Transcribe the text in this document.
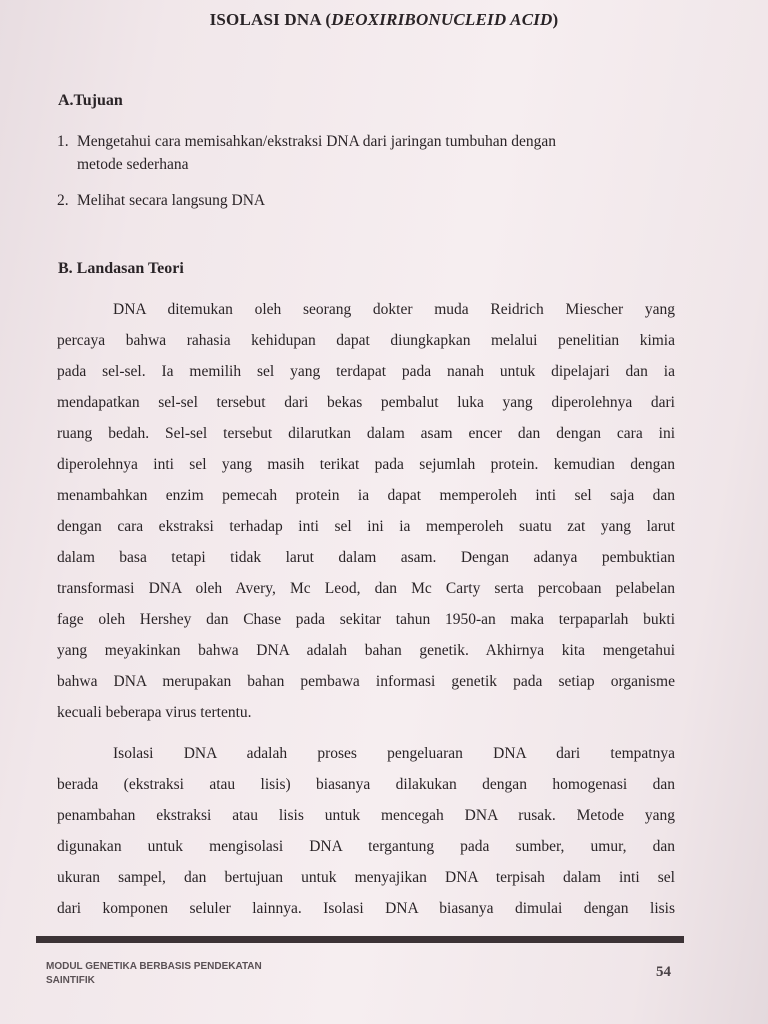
ISOLASI DNA (DEOXIRIBONUCLEID ACID)
A.Tujuan
1. Mengetahui cara memisahkan/ekstraksi DNA dari jaringan tumbuhan dengan
metode sederhana
2. Melihat secara langsung DNA
B. Landasan Teori
DNA ditemukan oleh seorang dokter muda Reidrich Miescher yang
percaya bahwa rahasia kehidupan dapat diungkapkan melalui penelitian kimia
pada sel-sel. Ia memilih sel yang terdapat pada nanah untuk dipelajari dan ia
mendapatkan sel-sel tersebut dari bekas pembalut luka yang diperolehnya dari
ruang bedah. Sel-sel tersebut dilarutkan dalam asam encer dan dengan cara ini
diperolehnya inti sel yang masih terikat pada sejumlah protein. kemudian dengan
menambahkan enzim pemecah protein ia dapat memperoleh inti sel saja dan
dengan cara ekstraksi terhadap inti sel ini ia memperoleh suatu zat yang larut
dalam basa tetapi tidak larut dalam asam. Dengan adanya pembuktian
transformasi DNA oleh Avery, Mc Leod, dan Mc Carty serta percobaan pelabelan
fage oleh Hershey dan Chase pada sekitar tahun 1950-an maka terpaparlah bukti
yang meyakinkan bahwa DNA adalah bahan genetik. Akhirnya kita mengetahui
bahwa DNA merupakan bahan pembawa informasi genetik pada setiap organisme
kecuali beberapa virus tertentu.
Isolasi DNA adalah proses pengeluaran DNA dari tempatnya
berada (ekstraksi atau lisis) biasanya dilakukan dengan homogenasi dan
penambahan ekstraksi atau lisis untuk mencegah DNA rusak. Metode yang
digunakan untuk mengisolasi DNA tergantung pada sumber, umur, dan
ukuran sampel, dan bertujuan untuk menyajikan DNA terpisah dalam inti sel
dari komponen seluler lainnya. Isolasi DNA biasanya dimulai dengan lisis
MODUL GENETIKA BERBASIS PENDEKATAN
SAINTIFIK
54
